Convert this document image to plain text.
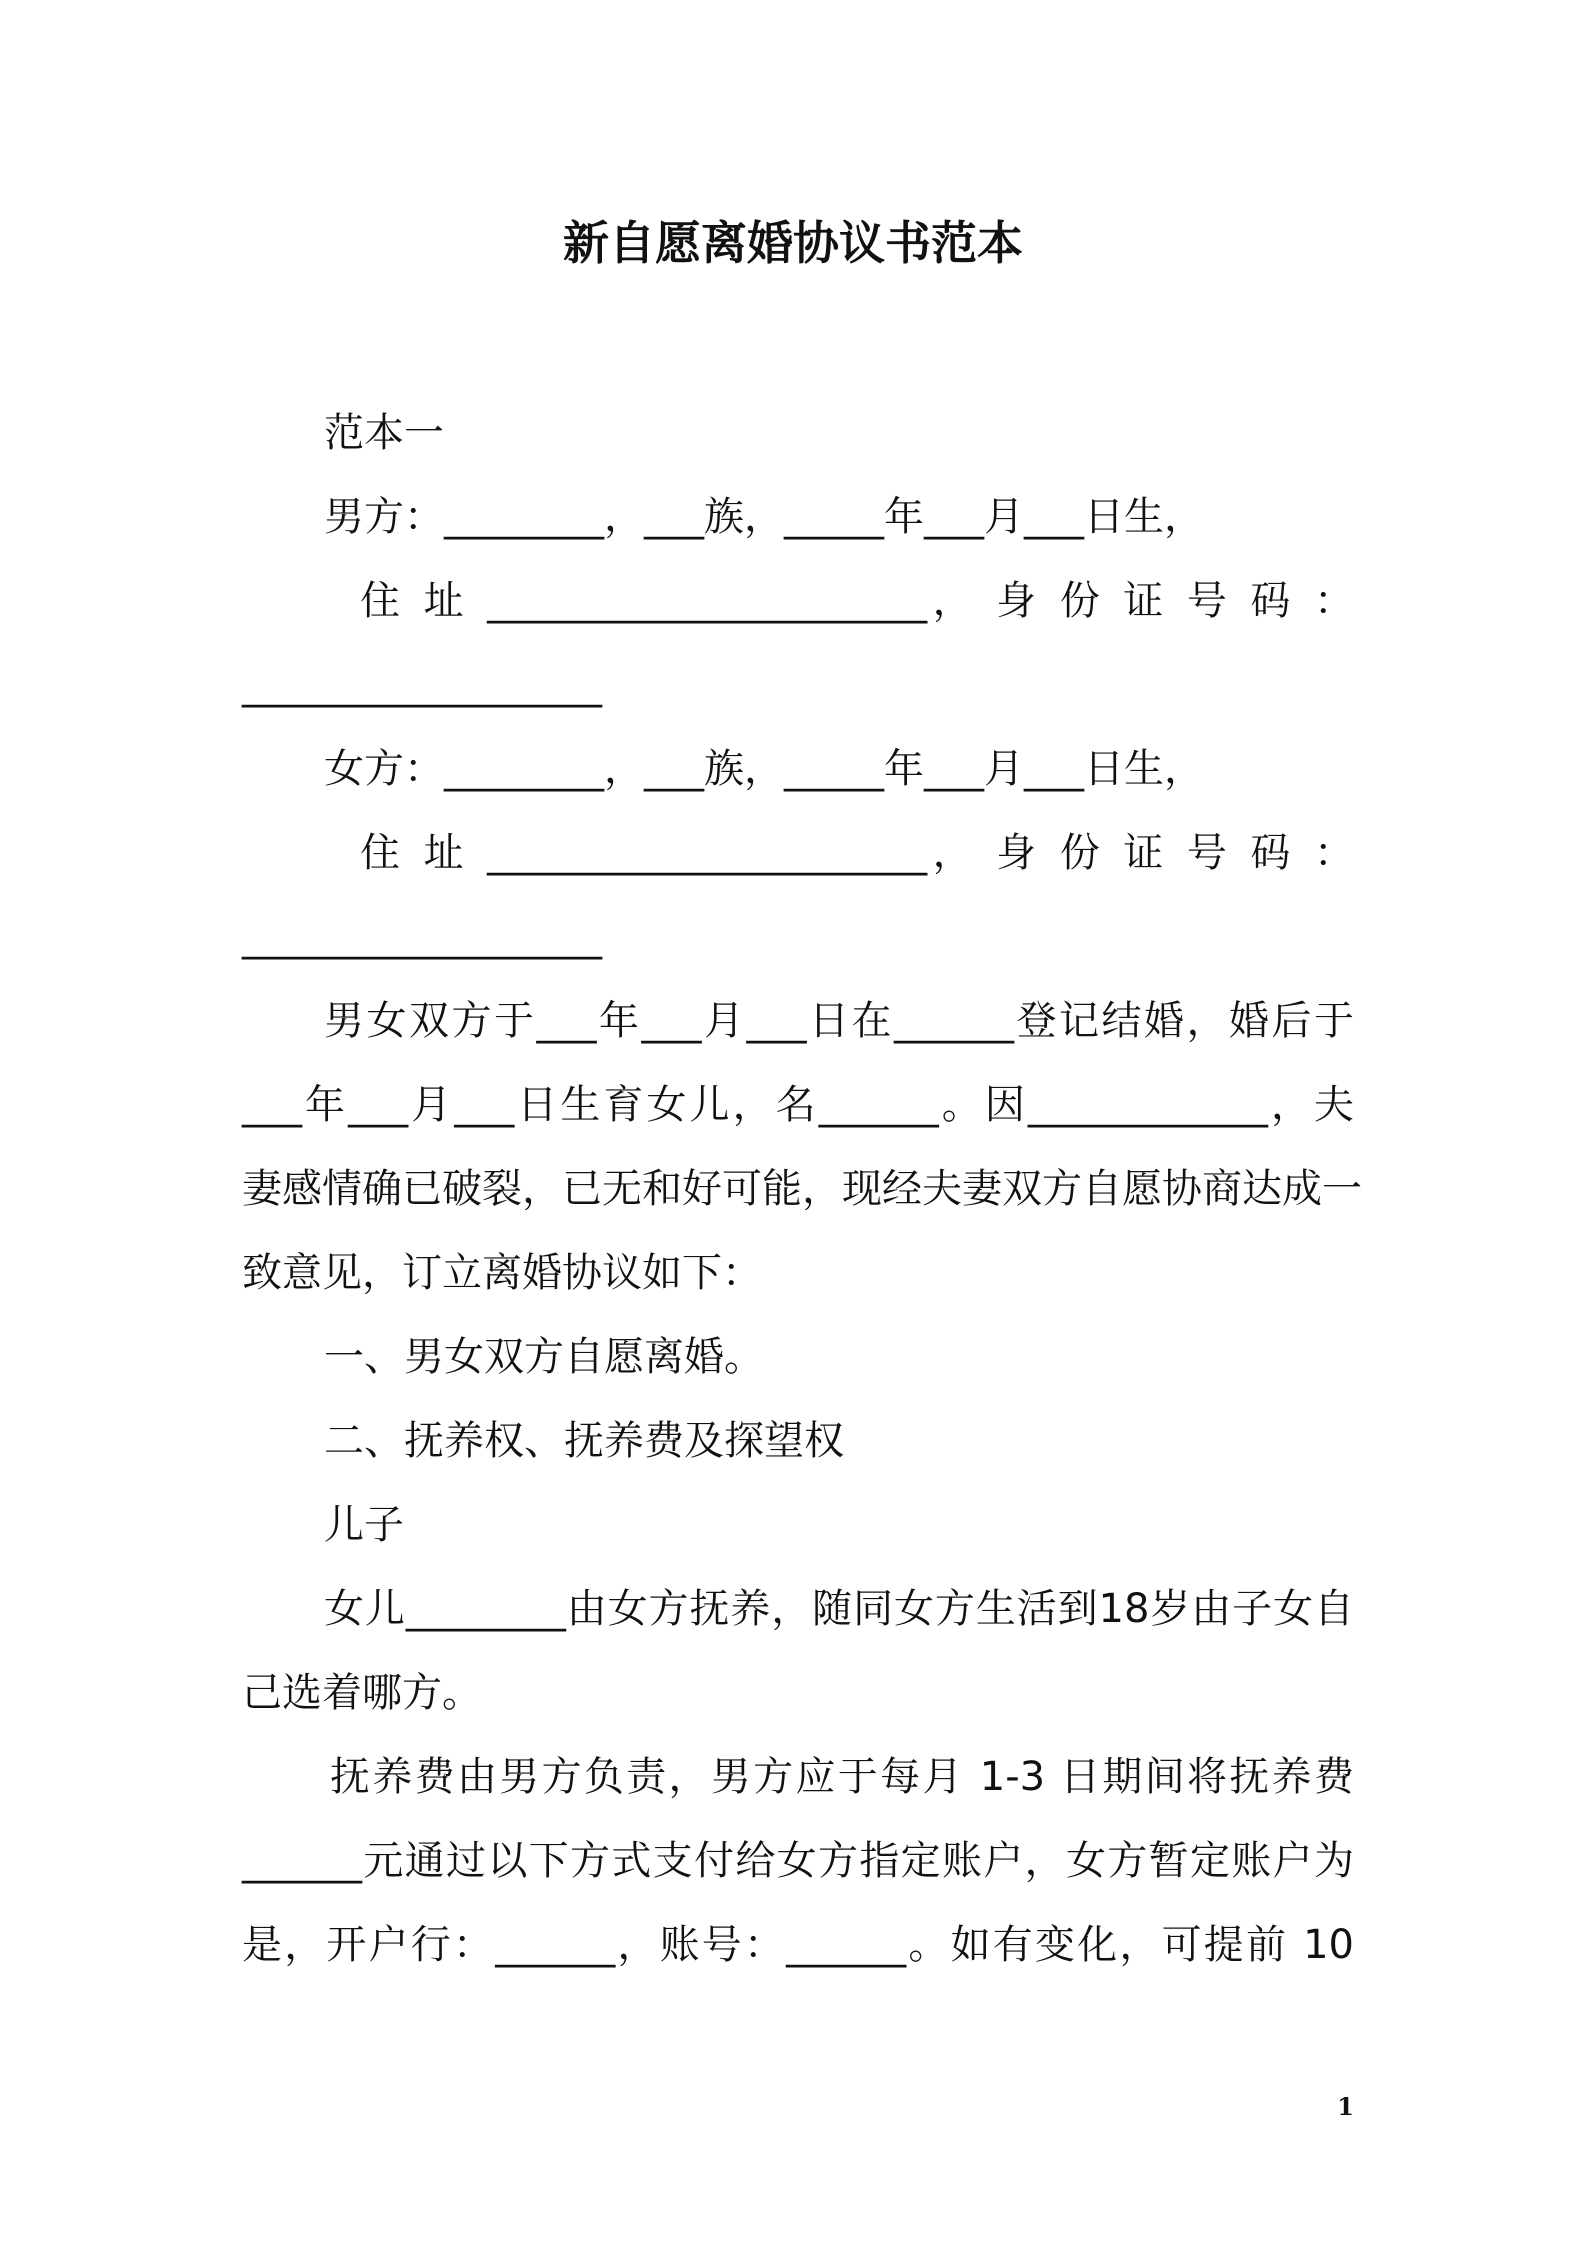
新自愿离婚协议书范本
范本一
男方：________，___族，_____年___月___日生，
住 址 ______________________， 身 份 证 号 码 ：
__________________
女方：________，___族，_____年___月___日生，
住 址 ______________________， 身 份 证 号 码 ：
__________________
男女双方于___年___月___日在______登记结婚，婚后于
___年___月___日生育女儿，名______。因____________，夫
妻感情确已破裂，已无和好可能，现经夫妻双方自愿协商达成一
致意见，订立离婚协议如下：
一、男女双方自愿离婚。
二、抚养权、抚养费及探望权
儿子
女儿________由女方抚养，随同女方生活到18岁由子女自
己选着哪方。
抚养费由男方负责，男方应于每月 1-3 日期间将抚养费
______元通过以下方式支付给女方指定账户，女方暂定账户为
是，开户行：______，账号：______。如有变化，可提前 10
1
